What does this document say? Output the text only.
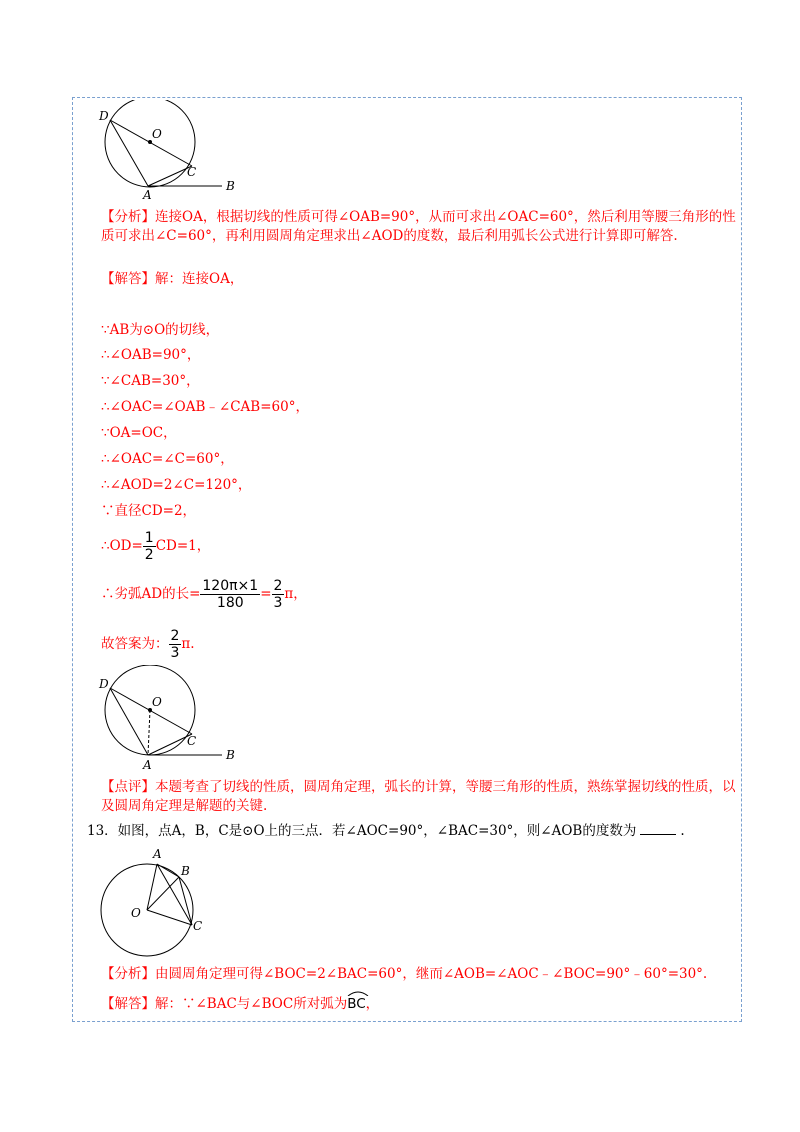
D
O
C
A
B
【分析】连接OA，根据切线的性质可得∠OAB=90°，从而可求出∠OAC=60°，然后利用等腰三角形的性质可求出∠C=60°，再利用圆周角定理求出∠AOD的度数，最后利用弧长公式进行计算即可解答.
【解答】解：连接OA，
∵AB为⊙O的切线，
∴∠OAB=90°，
∵∠CAB=30°，
∴∠OAC=∠OAB﹣∠CAB=60°，
∵OA=OC，
∴∠OAC=∠C=60°，
∴∠AOD=2∠C=120°，
∵直径CD=2，
∴OD= $\frac{1}{2} CD=1$，
∴劣弧AD的长= $\frac{120\pi\times 1}{180} = \frac{2}{3}$ π，
故答案为： $\frac{2}{3} \pi$.
D
O
C
A
B
【点评】本题考查了切线的性质，圆周角定理，弧长的计算，等腰三角形的性质，熟练掌握切线的性质，以及圆周角定理是解题的关键.
13．如图，点A，B，C是⊙O上的三点．若∠AOC=90°，∠BAC=30°，则∠AOB的度数为	.
A
B
O
C
【分析】由圆周角定理可得∠BOC=2∠BAC=60°，继而∠AOB=∠AOC﹣∠BOC=90°﹣60°=30°.
【解答】解：∵∠BAC与∠BOC所对弧为
BC，
